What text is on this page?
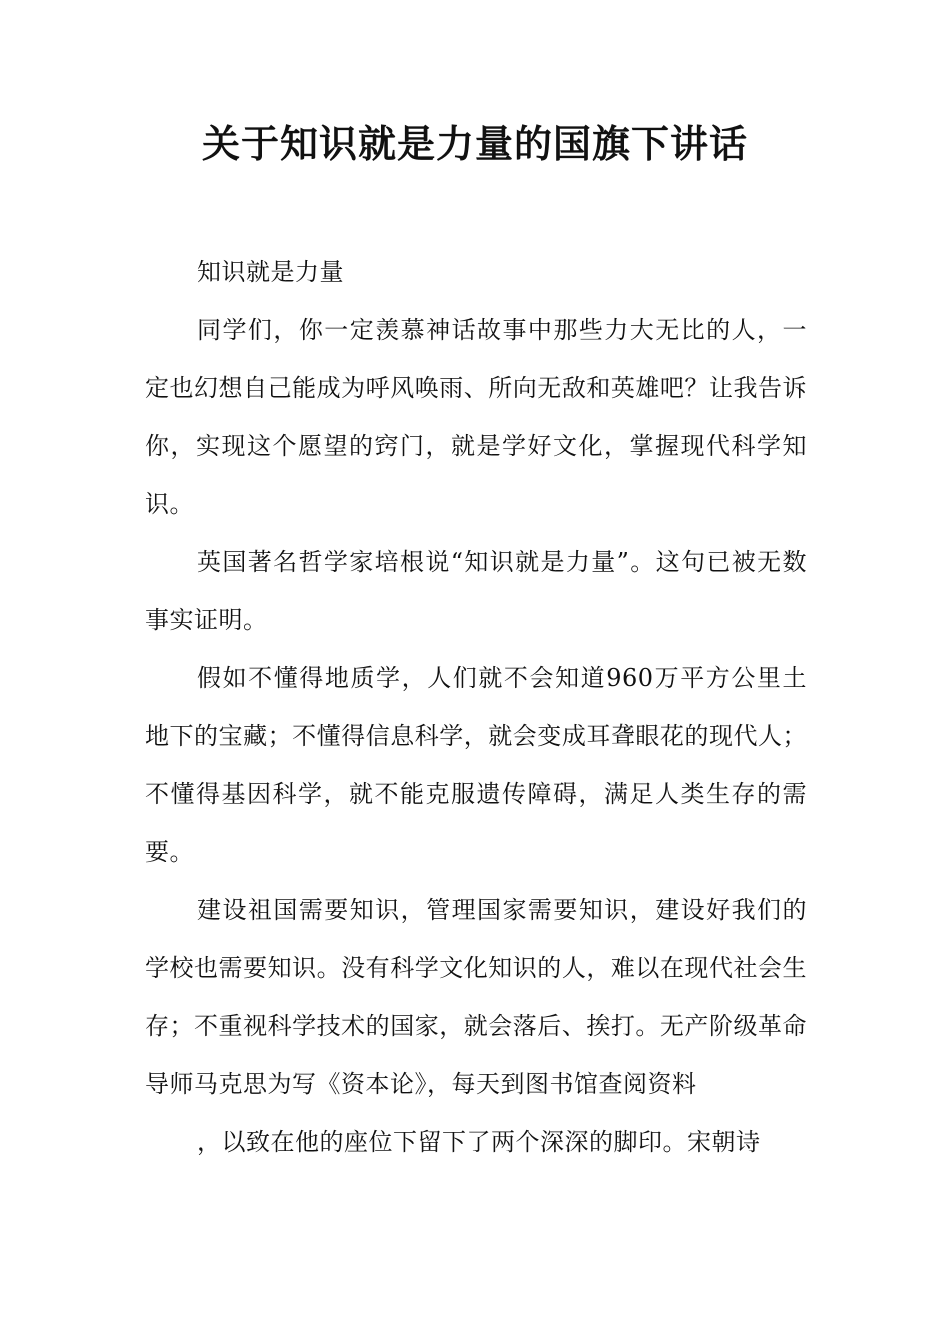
关于知识就是力量的国旗下讲话

知识就是力量

同学们，你一定羡慕神话故事中那些力大无比的人，一定也幻想自己能成为呼风唤雨、所向无敌和英雄吧？让我告诉你，实现这个愿望的窍门，就是学好文化，掌握现代科学知识。

英国著名哲学家培根说“知识就是力量”。这句已被无数事实证明。

假如不懂得地质学，人们就不会知道960万平方公里土地下的宝藏；不懂得信息科学，就会变成耳聋眼花的现代人；不懂得基因科学，就不能克服遗传障碍，满足人类生存的需要。

建设祖国需要知识，管理国家需要知识，建设好我们的学校也需要知识。没有科学文化知识的人，难以在现代社会生存；不重视科学技术的国家，就会落后、挨打。无产阶级革命导师马克思为写《资本论》，每天到图书馆查阅资料

，以致在他的座位下留下了两个深深的脚印。宋朝诗
